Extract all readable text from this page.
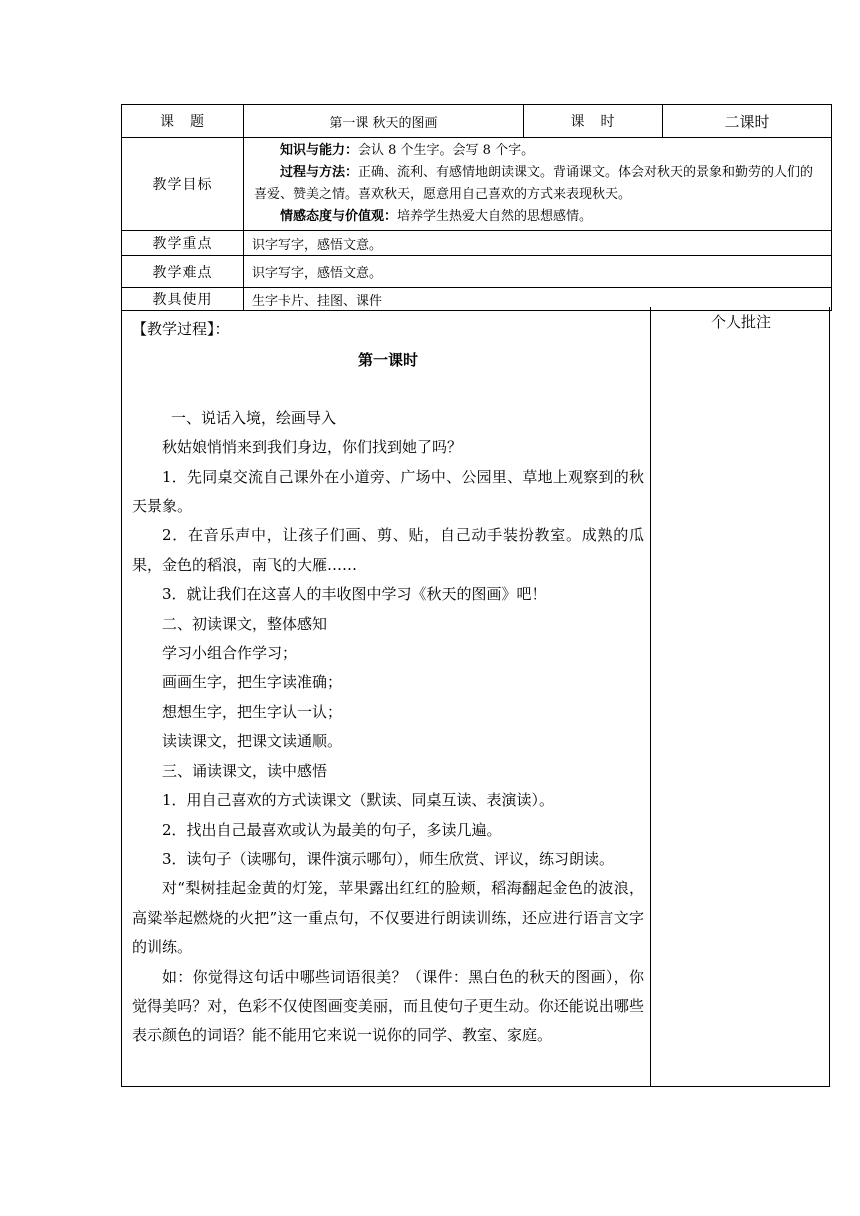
课　题	第一课 秋天的图画	课　时	二课时
教学目标	知识与能力：会认 8 个生字。会写 8 个字。
过程与方法：正确、流利、有感情地朗读课文。背诵课文。体会对秋天的景象和勤劳的人们的喜爱、赞美之情。喜欢秋天，愿意用自己喜欢的方式来表现秋天。
情感态度与价值观：培养学生热爱大自然的思想感情。		

教学重点	识字写字，感悟文意。		
教学难点	识字写字，感悟文意。		
教具使用	生字卡片、挂图、课件		

【教学过程】：

第一课时

一、说话入境，绘画导入

秋姑娘悄悄来到我们身边，你们找到她了吗？

1．先同桌交流自己课外在小道旁、广场中、公园里、草地上观察到的秋天景象。

2．在音乐声中，让孩子们画、剪、贴，自己动手装扮教室。成熟的瓜果，金色的稻浪，南飞的大雁……

3．就让我们在这喜人的丰收图中学习《秋天的图画》吧！

二、初读课文，整体感知

学习小组合作学习；

画画生字，把生字读准确；

想想生字，把生字认一认；

读读课文，把课文读通顺。

三、诵读课文，读中感悟

1．用自己喜欢的方式读课文（默读、同桌互读、表演读）。

2．找出自己最喜欢或认为最美的句子，多读几遍。

3．读句子（读哪句，课件演示哪句），师生欣赏、评议，练习朗读。

对“梨树挂起金黄的灯笼，苹果露出红红的脸颊，稻海翻起金色的波浪，高粱举起燃烧的火把”这一重点句，不仅要进行朗读训练，还应进行语言文字的训练。

如：你觉得这句话中哪些词语很美？（课件：黑白色的秋天的图画），你觉得美吗？对，色彩不仅使图画变美丽，而且使句子更生动。你还能说出哪些表示颜色的词语？能不能用它来说一说你的同学、教室、家庭。

个人批注
